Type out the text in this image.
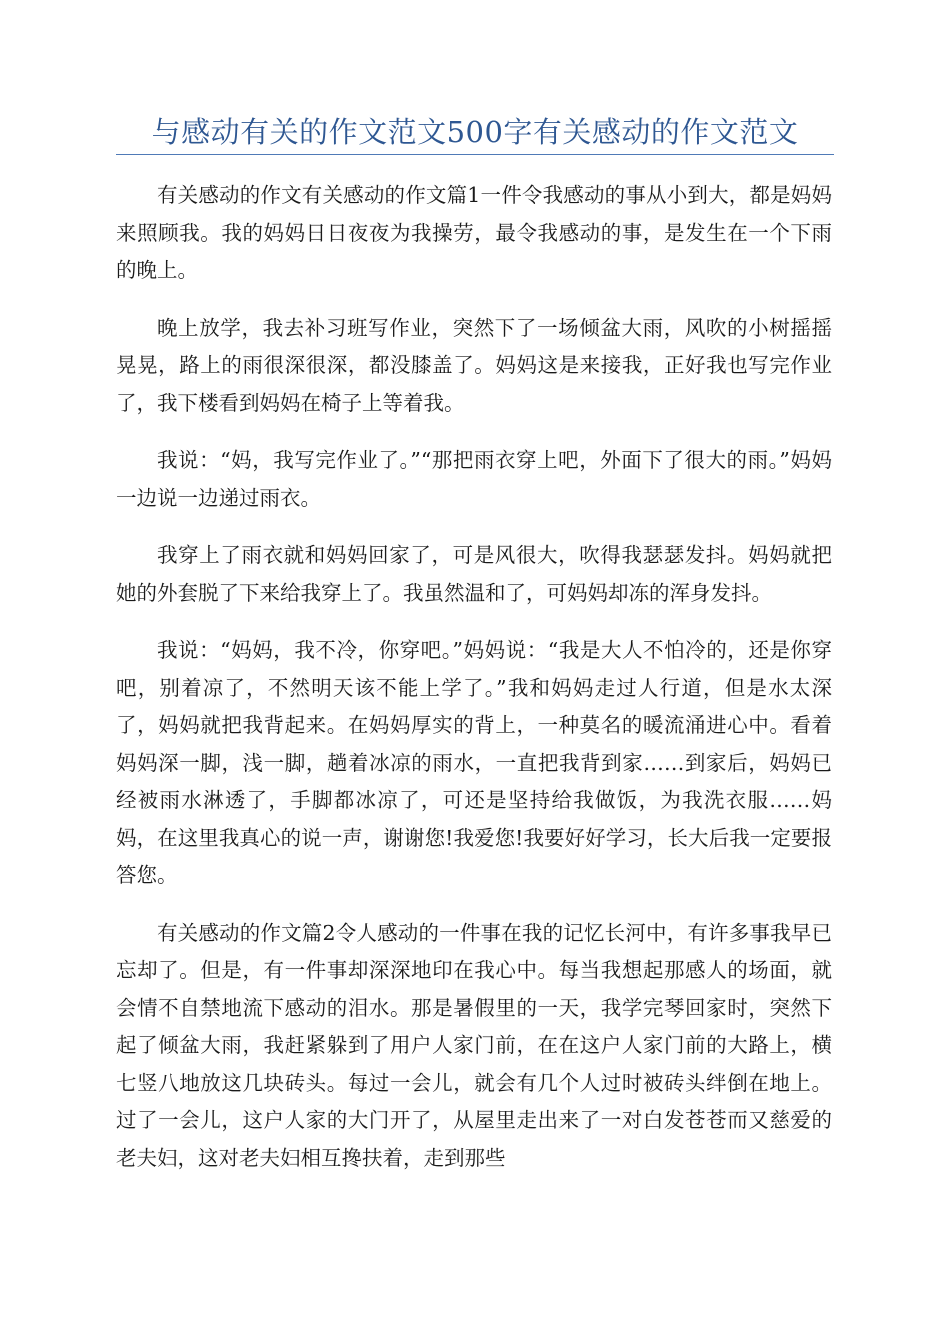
与感动有关的作文范文500字有关感动的作文范文

有关感动的作文有关感动的作文篇1一件令我感动的事从小到大，都是妈妈来照顾我。我的妈妈日日夜夜为我操劳，最令我感动的事，是发生在一个下雨的晚上。

晚上放学，我去补习班写作业，突然下了一场倾盆大雨，风吹的小树摇摇晃晃，路上的雨很深很深，都没膝盖了。妈妈这是来接我，正好我也写完作业了，我下楼看到妈妈在椅子上等着我。

我说：“妈，我写完作业了。”“那把雨衣穿上吧，外面下了很大的雨。”妈妈一边说一边递过雨衣。

我穿上了雨衣就和妈妈回家了，可是风很大，吹得我瑟瑟发抖。妈妈就把她的外套脱了下来给我穿上了。我虽然温和了，可妈妈却冻的浑身发抖。

我说：“妈妈，我不冷，你穿吧。”妈妈说：“我是大人不怕冷的，还是你穿吧，别着凉了，不然明天该不能上学了。”我和妈妈走过人行道，但是水太深了，妈妈就把我背起来。在妈妈厚实的背上，一种莫名的暖流涌进心中。看着妈妈深一脚，浅一脚，趟着冰凉的雨水，一直把我背到家……到家后，妈妈已经被雨水淋透了，手脚都冰凉了，可还是坚持给我做饭，为我洗衣服……妈妈，在这里我真心的说一声，谢谢您!我爱您!我要好好学习，长大后我一定要报答您。

有关感动的作文篇2令人感动的一件事在我的记忆长河中，有许多事我早已忘却了。但是，有一件事却深深地印在我心中。每当我想起那感人的场面，就会情不自禁地流下感动的泪水。那是暑假里的一天，我学完琴回家时，突然下起了倾盆大雨，我赶紧躲到了用户人家门前，在在这户人家门前的大路上，横七竖八地放这几块砖头。每过一会儿，就会有几个人过时被砖头绊倒在地上。过了一会儿，这户人家的大门开了，从屋里走出来了一对白发苍苍而又慈爱的老夫妇，这对老夫妇相互搀扶着，走到那些
